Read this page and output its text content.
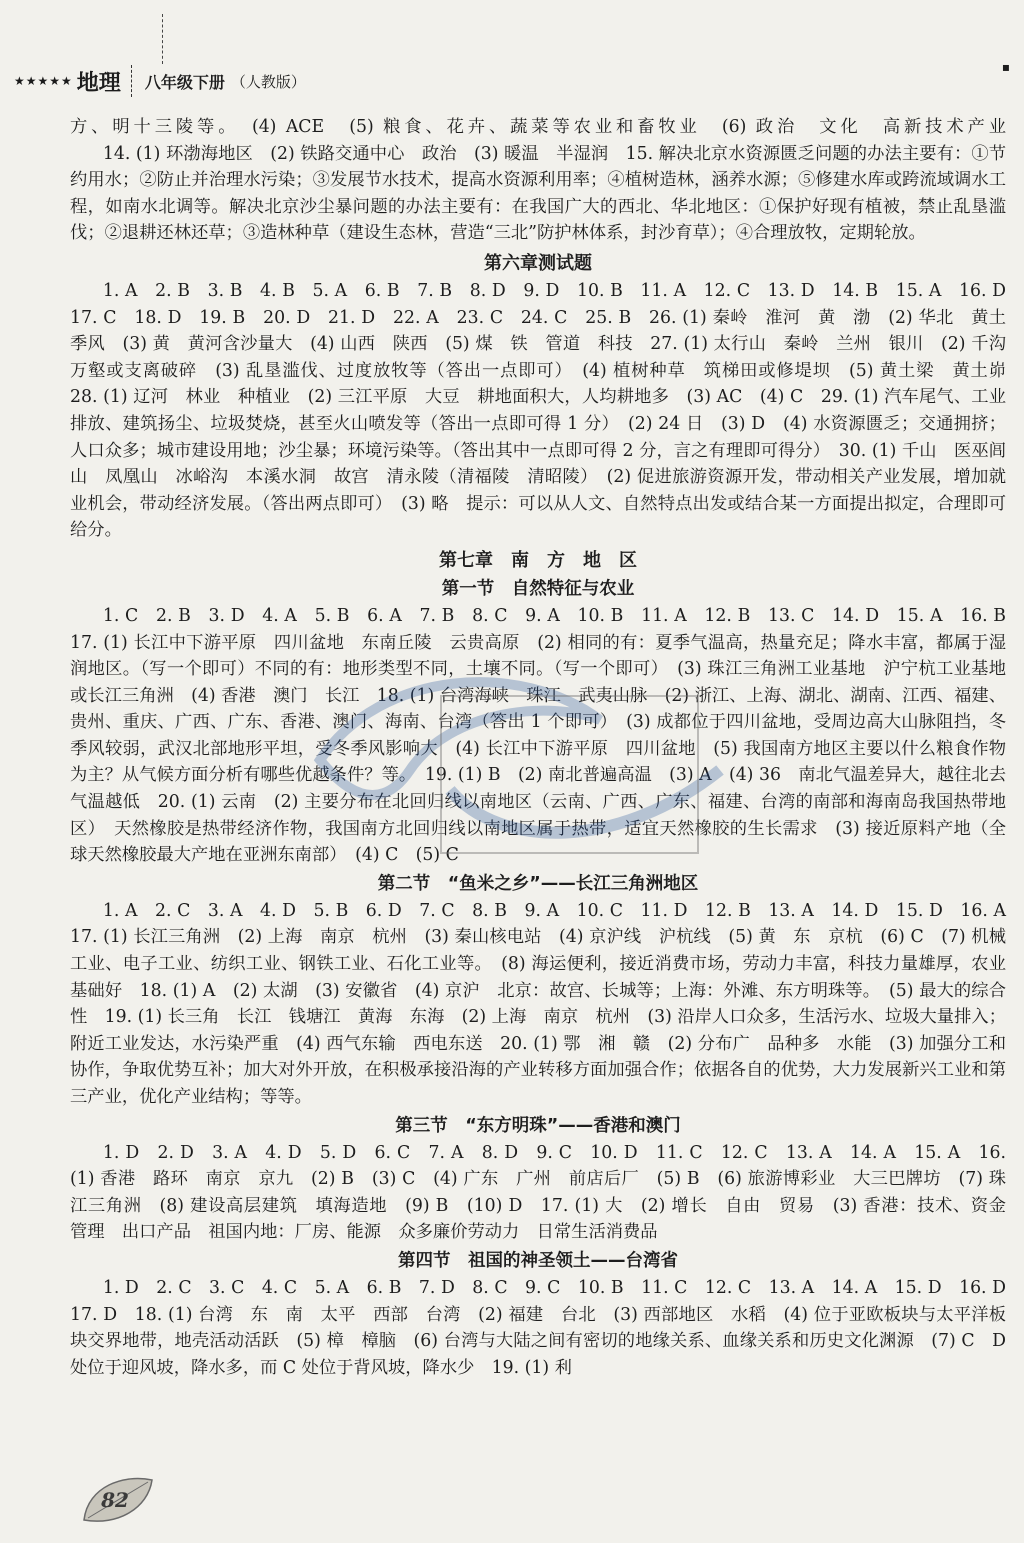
★★★★★ 地理 八年级下册 （人教版）
▪

方、明十三陵等。　(4) ACE　(5) 粮食、花卉、蔬菜等农业和畜牧业　(6) 政治　文化　高新技术产业

14. (1) 环渤海地区　(2) 铁路交通中心　政治　(3) 暖温　半湿润　15. 解决北京水资源匮乏问题的办法主要有：①节约用水；②防止并治理水污染；③发展节水技术，提高水资源利用率；④植树造林，涵养水源；⑤修建水库或跨流域调水工程，如南水北调等。解决北京沙尘暴问题的办法主要有：在我国广大的西北、华北地区：①保护好现有植被，禁止乱垦滥伐；②退耕还林还草；③造林种草（建设生态林，营造“三北”防护林体系，封沙育草）；④合理放牧，定期轮放。

第六章测试题

1. A　2. B　3. B　4. B　5. A　6. B　7. B　8. D　9. D　10. B　11. A　12. C　13. D　14. B　15. A　16. D　17. C　18. D　19. B　20. D　21. D　22. A　23. C　24. C　25. B　26. (1) 秦岭　淮河　黄　渤　(2) 华北　黄土　季风　(3) 黄　黄河含沙量大　(4) 山西　陕西　(5) 煤　铁　管道　科技　27. (1) 太行山　秦岭　兰州　银川　(2) 千沟万壑或支离破碎　(3) 乱垦滥伐、过度放牧等（答出一点即可）　(4) 植树种草　筑梯田或修堤坝　(5) 黄土梁　黄土峁　28. (1) 辽河　林业　种植业　(2) 三江平原　大豆　耕地面积大，人均耕地多　(3) AC　(4) C　29. (1) 汽车尾气、工业排放、建筑扬尘、垃圾焚烧，甚至火山喷发等（答出一点即可得 1 分）　(2) 24 日　(3) D　(4) 水资源匮乏；交通拥挤；人口众多；城市建设用地；沙尘暴；环境污染等。（答出其中一点即可得 2 分，言之有理即可得分）　30. (1) 千山　医巫闾山　凤凰山　冰峪沟　本溪水洞　故宫　清永陵（清福陵　清昭陵）　(2) 促进旅游资源开发，带动相关产业发展，增加就业机会，带动经济发展。（答出两点即可）　(3) 略　提示：可以从人文、自然特点出发或结合某一方面提出拟定，合理即可给分。

第七章　南　方　地　区
第一节　自然特征与农业

1. C　2. B　3. D　4. A　5. B　6. A　7. B　8. C　9. A　10. B　11. A　12. B　13. C　14. D　15. A　16. B　17. (1) 长江中下游平原　四川盆地　东南丘陵　云贵高原　(2) 相同的有：夏季气温高，热量充足；降水丰富，都属于湿润地区。（写一个即可）不同的有：地形类型不同，土壤不同。（写一个即可）　(3) 珠江三角洲工业基地　沪宁杭工业基地或长江三角洲　(4) 香港　澳门　长江　18. (1) 台湾海峡　珠江　武夷山脉　(2) 浙江、上海、湖北、湖南、江西、福建、贵州、重庆、广西、广东、香港、澳门、海南、台湾（答出 1 个即可）　(3) 成都位于四川盆地，受周边高大山脉阻挡，冬季风较弱，武汉北部地形平坦，受冬季风影响大　(4) 长江中下游平原　四川盆地　(5) 我国南方地区主要以什么粮食作物为主？从气候方面分析有哪些优越条件？等。　19. (1) B　(2) 南北普遍高温　(3) A　(4) 36　南北气温差异大，越往北去气温越低　20. (1) 云南　(2) 主要分布在北回归线以南地区（云南、广西、广东、福建、台湾的南部和海南岛我国热带地区）　天然橡胶是热带经济作物，我国南方北回归线以南地区属于热带，适宜天然橡胶的生长需求　(3) 接近原料产地（全球天然橡胶最大产地在亚洲东南部）　(4) C　(5) C

第二节　“鱼米之乡”——长江三角洲地区

1. A　2. C　3. A　4. D　5. B　6. D　7. C　8. B　9. A　10. C　11. D　12. B　13. A　14. D　15. D　16. A　17. (1) 长江三角洲　(2) 上海　南京　杭州　(3) 秦山核电站　(4) 京沪线　沪杭线　(5) 黄　东　京杭　(6) C　(7) 机械工业、电子工业、纺织工业、钢铁工业、石化工业等。　(8) 海运便利，接近消费市场，劳动力丰富，科技力量雄厚，农业基础好　18. (1) A　(2) 太湖　(3) 安徽省　(4) 京沪　北京：故宫、长城等；上海：外滩、东方明珠等。　(5) 最大的综合性　19. (1) 长三角　长江　钱塘江　黄海　东海　(2) 上海　南京　杭州　(3) 沿岸人口众多，生活污水、垃圾大量排入；附近工业发达，水污染严重　(4) 西气东输　西电东送　20. (1) 鄂　湘　赣　(2) 分布广　品种多　水能　(3) 加强分工和协作，争取优势互补；加大对外开放，在积极承接沿海的产业转移方面加强合作；依据各自的优势，大力发展新兴工业和第三产业，优化产业结构；等等。

第三节　“东方明珠”——香港和澳门

1. D　2. D　3. A　4. D　5. D　6. C　7. A　8. D　9. C　10. D　11. C　12. C　13. A　14. A　15. A　16. (1) 香港　路环　南京　京九　(2) B　(3) C　(4) 广东　广州　前店后厂　(5) B　(6) 旅游博彩业　大三巴牌坊　(7) 珠江三角洲　(8) 建设高层建筑　填海造地　(9) B　(10) D　17. (1) 大　(2) 增长　自由　贸易　(3) 香港：技术、资金　管理　出口产品　祖国内地：厂房、能源　众多廉价劳动力　日常生活消费品

第四节　祖国的神圣领土——台湾省

1. D　2. C　3. C　4. C　5. A　6. B　7. D　8. C　9. C　10. B　11. C　12. C　13. A　14. A　15. D　16. D　17. D　18. (1) 台湾　东　南　太平　西部　台湾　(2) 福建　台北　(3) 西部地区　水稻　(4) 位于亚欧板块与太平洋板块交界地带，地壳活动活跃　(5) 樟　樟脑　(6) 台湾与大陆之间有密切的地缘关系、血缘关系和历史文化渊源　(7) C　D 处位于迎风坡，降水多，而 C 处位于背风坡，降水少　19. (1) 利

82
